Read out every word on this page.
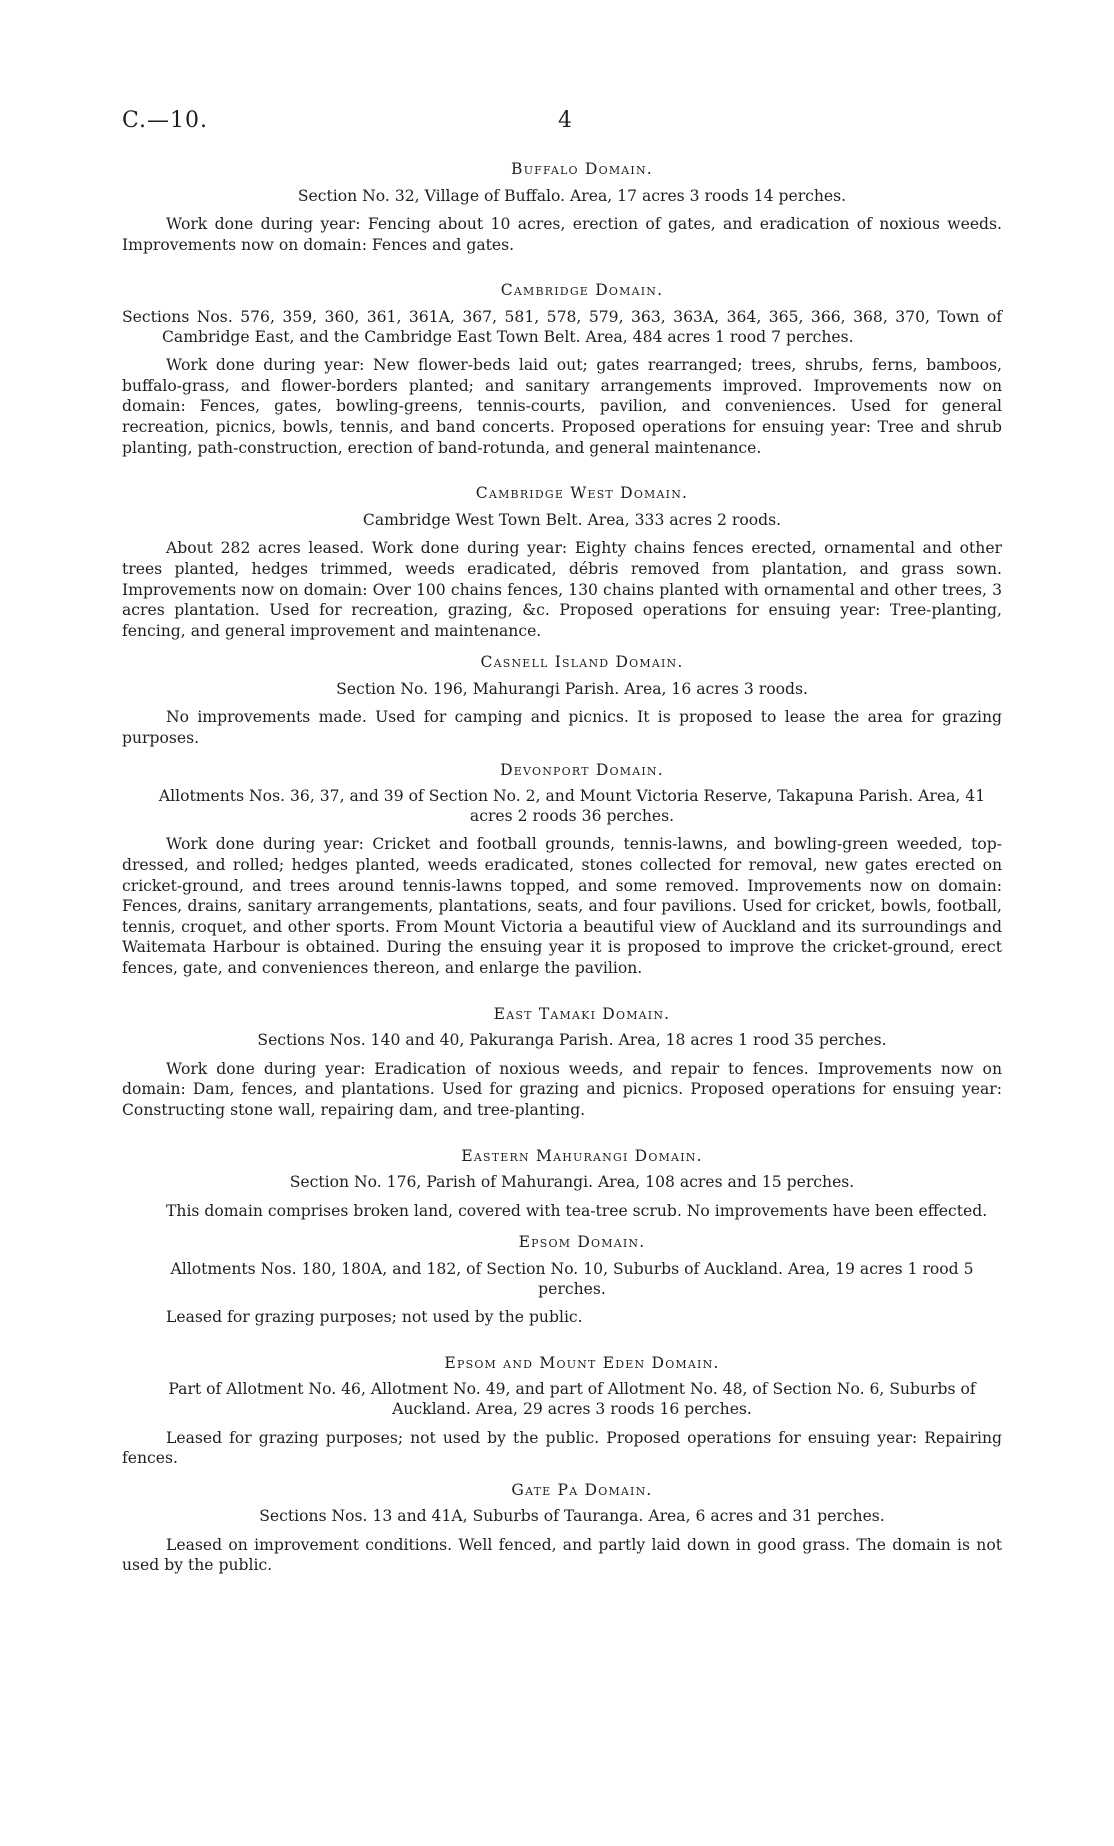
C.—10.	4

Buffalo Domain.

Section No. 32, Village of Buffalo. Area, 17 acres 3 roods 14 perches.

Work done during year: Fencing about 10 acres, erection of gates, and eradication of noxious weeds. Improvements now on domain: Fences and gates.

Cambridge Domain.

Sections Nos. 576, 359, 360, 361, 361A, 367, 581, 578, 579, 363, 363A, 364, 365, 366, 368, 370, Town of Cambridge East, and the Cambridge East Town Belt. Area, 484 acres 1 rood 7 perches.

Work done during year: New flower-beds laid out; gates rearranged; trees, shrubs, ferns, bamboos, buffalo-grass, and flower-borders planted; and sanitary arrangements improved. Improvements now on domain: Fences, gates, bowling-greens, tennis-courts, pavilion, and conveniences. Used for general recreation, picnics, bowls, tennis, and band concerts. Proposed operations for ensuing year: Tree and shrub planting, path-construction, erection of band-rotunda, and general maintenance.

Cambridge West Domain.

Cambridge West Town Belt. Area, 333 acres 2 roods.

About 282 acres leased. Work done during year: Eighty chains fences erected, ornamental and other trees planted, hedges trimmed, weeds eradicated, débris removed from plantation, and grass sown. Improvements now on domain: Over 100 chains fences, 130 chains planted with ornamental and other trees, 3 acres plantation. Used for recreation, grazing, &c. Proposed operations for ensuing year: Tree-planting, fencing, and general improvement and maintenance.

Casnell Island Domain.

Section No. 196, Mahurangi Parish. Area, 16 acres 3 roods.

No improvements made. Used for camping and picnics. It is proposed to lease the area for grazing purposes.

Devonport Domain.

Allotments Nos. 36, 37, and 39 of Section No. 2, and Mount Victoria Reserve, Takapuna Parish. Area, 41 acres 2 roods 36 perches.

Work done during year: Cricket and football grounds, tennis-lawns, and bowling-green weeded, top-dressed, and rolled; hedges planted, weeds eradicated, stones collected for removal, new gates erected on cricket-ground, and trees around tennis-lawns topped, and some removed. Improvements now on domain: Fences, drains, sanitary arrangements, plantations, seats, and four pavilions. Used for cricket, bowls, football, tennis, croquet, and other sports. From Mount Victoria a beautiful view of Auckland and its surroundings and Waitemata Harbour is obtained. During the ensuing year it is proposed to improve the cricket-ground, erect fences, gate, and conveniences thereon, and enlarge the pavilion.

East Tamaki Domain.

Sections Nos. 140 and 40, Pakuranga Parish. Area, 18 acres 1 rood 35 perches.

Work done during year: Eradication of noxious weeds, and repair to fences. Improvements now on domain: Dam, fences, and plantations. Used for grazing and picnics. Proposed operations for ensuing year: Constructing stone wall, repairing dam, and tree-planting.

Eastern Mahurangi Domain.

Section No. 176, Parish of Mahurangi. Area, 108 acres and 15 perches.

This domain comprises broken land, covered with tea-tree scrub. No improvements have been effected.

Epsom Domain.

Allotments Nos. 180, 180A, and 182, of Section No. 10, Suburbs of Auckland. Area, 19 acres 1 rood 5 perches.

Leased for grazing purposes; not used by the public.

Epsom and Mount Eden Domain.

Part of Allotment No. 46, Allotment No. 49, and part of Allotment No. 48, of Section No. 6, Suburbs of Auckland. Area, 29 acres 3 roods 16 perches.

Leased for grazing purposes; not used by the public. Proposed operations for ensuing year: Repairing fences.

Gate Pa Domain.

Sections Nos. 13 and 41A, Suburbs of Tauranga. Area, 6 acres and 31 perches.

Leased on improvement conditions. Well fenced, and partly laid down in good grass. The domain is not used by the public.
